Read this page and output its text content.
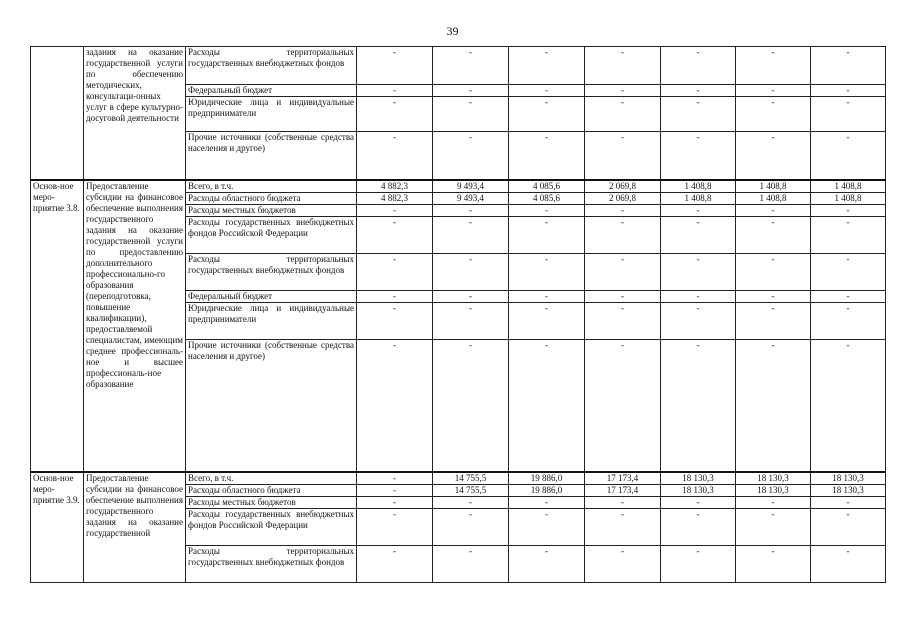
39
	задания на оказание государственной услуги по обеспечению методических, консультаци-онных услуг в сфере культурно-досуговой деятельности	Расходы территориальных государственных внебюджетных фондов	-	-	-	-	-	-	-
		Федеральный бюджет	-	-	-	-	-	-	-
		Юридические лица и индивидуальные предприниматели	-	-	-	-	-	-	-
		Прочие источники (собственные средства населения и другое)	-	-	-	-	-	-	-
Основ-ное меро-приятие 3.8.	Предоставление субсидии на финансовое обеспечение выполнения государственного задания на оказание государственной услуги по предоставлению дополнительного профессионально-го образования (переподготовка, повышение квалификации), предоставляемой специалистам, имеющим среднее профессиональ-ное и высшее профессиональ-ное образование	Всего, в т.ч.	4 882,3	9 493,4	4 085,6	2 069,8	1 408,8	1 408,8	1 408,8
		Расходы областного бюджета	4 882,3	9 493,4	4 085,6	2 069,8	1 408,8	1 408,8	1 408,8
		Расходы местных бюджетов	-	-	-	-	-	-	-
		Расходы государственных внебюджетных фондов Российской Федерации	-	-	-	-	-	-	-
		Расходы территориальных государственных внебюджетных фондов	-	-	-	-	-	-	-
		Федеральный бюджет	-	-	-	-	-	-	-
		Юридические лица и индивидуальные предприниматели	-	-	-	-	-	-	-
		Прочие источники (собственные средства населения и другое)	-	-	-	-	-	-	-
Основ-ное меро-приятие 3.9.	Предоставление субсидии на финансовое обеспечение выполнения государственного задания на оказание государственной	Всего, в т.ч.	-	14 755,5	19 886,0	17 173,4	18 130,3	18 130,3	18 130,3
		Расходы областного бюджета	-	14 755,5	19 886,0	17 173,4	18 130,3	18 130,3	18 130,3
		Расходы местных бюджетов	-	-	-	-	-	-	-
		Расходы государственных внебюджетных фондов Российской Федерации	-	-	-	-	-	-	-
		Расходы территориальных государственных внебюджетных фондов	-	-	-	-	-	-	-
